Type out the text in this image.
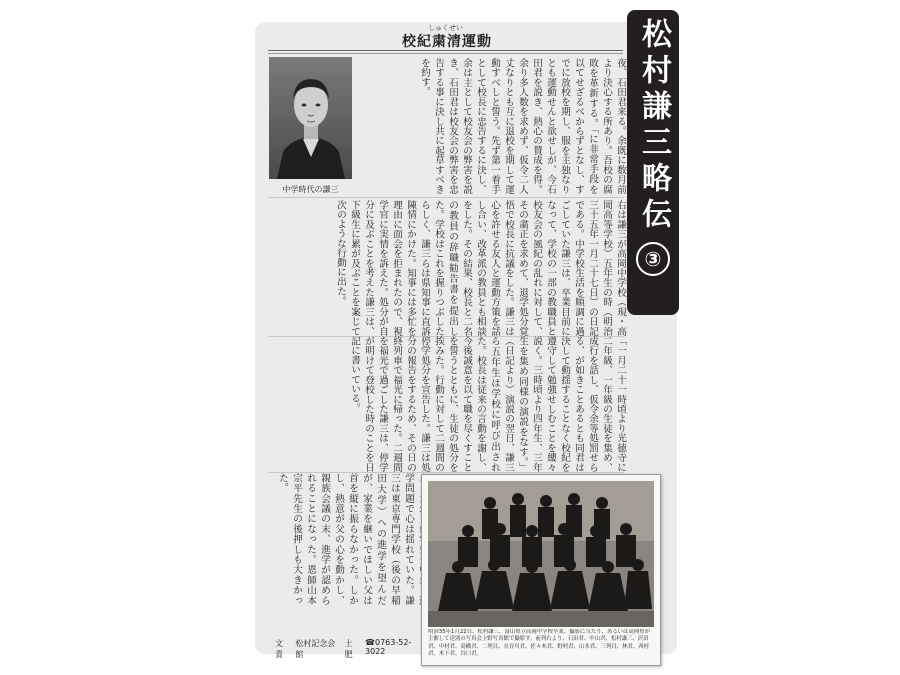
しゅくせい
校紀粛清運動	松村謙三略伝
③
中学時代の謙三	夜、石田君来る。余既に数月前より決心する所あり。吾校の腐敗を革新する。「に非常手段を以てせざるべからずとなし、すでに放校を期し、服を主独なりとも運動せんと欲せしが、今石田君を説き、熱心の賛成を得。余り多人数を求めず、仮令二人丈なりとも互に退校を期して運動すべしと誓う。先ず第一着手として校長に忠告するに決し、余は主として校友会の弊害を説き、石田君は校友会の弊害を忠告する事に決し共に起草すべきを約す。
右は謙三が高岡中学校（現・高岡高等学校）五年生の時（明治三十五年一月二十七日）の日記である。中学校生活を順調に過ごしていた謙三は、卒業目前になって、学校の一部の教職員と校友会の風紀の乱れに対して、その粛正を求めて、退学処分覚悟で校長に抗議をした。謙三は心を許せる友人と運動方策を話し合い、改革派の教員とも相談をした。その結果、校長と二名の教員の辞職勧告書を提出した。学校はこれを握りつぶしたらしく、謙三らは県知事に直訴陳情にかけた。知事には多忙を理由に面会を拒まれたので、視学官に実情を訴えた。処分が自分に及ぶことを考えた謙三は、下級生に累が及ぶことを案じて次のような行動に出た。
「一月二十一時頃より光徳寺に二年級、一年級の生徒を集め、成行を話し、仮令余等処罰せらる、が如きことあるとも同君は決して動揺することなく校紀を遵守して勉強せしむことを縷々説く。三時頃より四年生、三年生を集め同様の演説をなす。」（日記より）演説の翌日、謙三ら五年生は学校に呼び出された。校長は従来の言動を謝し、今後誠意を以て職を尽くすことを誓うとともに、生徒の処分を挨みた。行動に対して二週間の停学処分を宣告した。謙三は処分の報告をするため、その日の終列車で福光に帰った。二週間を福光で過ごした謙三は、停学が明けて登校した時のことを日記に書いている。
学問題で心は揺れていた。謙三は東京専門学校（後の早稲田大学）への進学を望んだが、家業を継いでほしい父は首を縦に振らなかった。しかし、熱意が父の心を動かし、親族会議の末、進学が認められることになった。恩師山本宗平先生の後押しも大きかった。
明治35年1月22日、松村謙三、富山県立高岡中学校卒業、撮影に当たり、あるいは高岡県が主催して送別の写真会上野写真館で撮影す。前列右より、石田君、中山君、松村謙三、沢田君、中村君、高橋君、二列目、長谷川君、佐々木君、野村君、山本君、三列目、林君、西村君、木下君、谷口君。
文責
松村記念会館
土肥
☎0763-52-3022
